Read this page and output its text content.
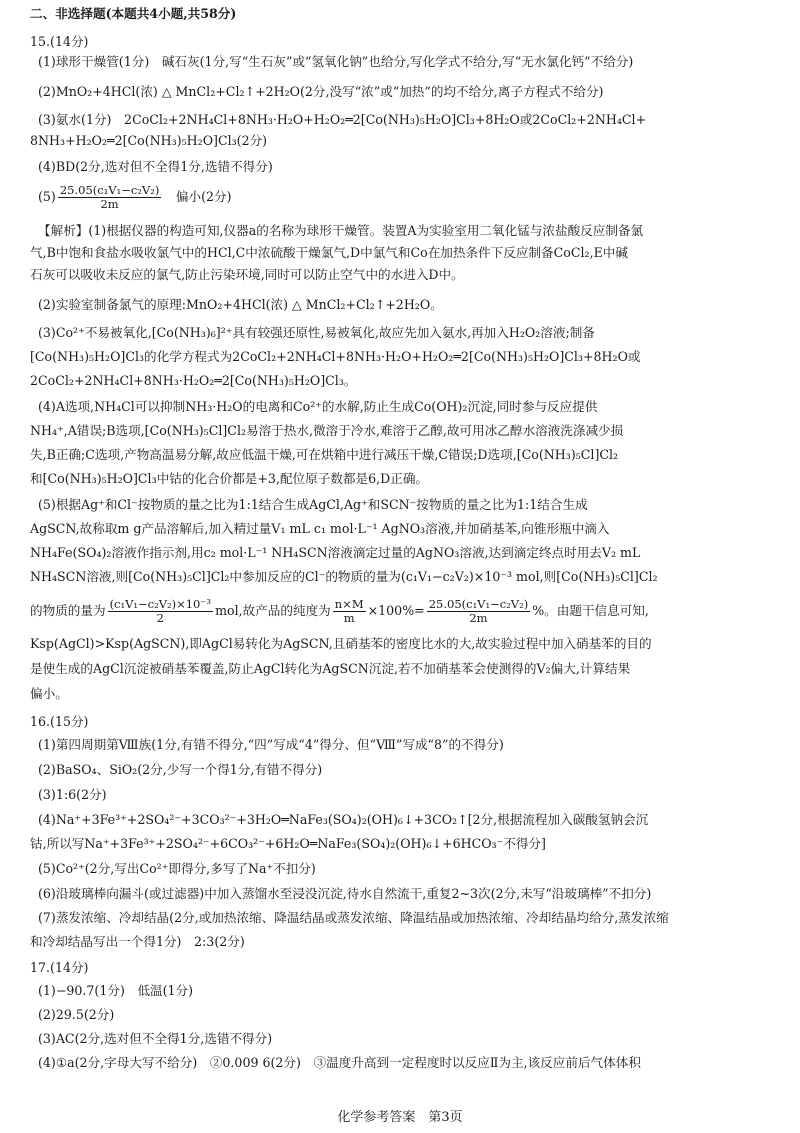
二、非选择题(本题共4小题,共58分)
15.(14分)
(1)球形干燥管(1分)　碱石灰(1分,写“生石灰”或“氢氧化钠”也给分,写化学式不给分,写“无水氯化钙”不给分)
(2)MnO₂+4HCl(浓) △ MnCl₂+Cl₂↑+2H₂O(2分,没写“浓”或“加热”的均不给分,离子方程式不给分)
(3)氨水(1分)　2CoCl₂+2NH₄Cl+8NH₃·H₂O+H₂O₂═2[Co(NH₃)₅H₂O]Cl₃+8H₂O或2CoCl₂+2NH₄Cl+
8NH₃+H₂O₂═2[Co(NH₃)₅H₂O]Cl₃(2分)
(4)BD(2分,选对但不全得1分,选错不得分)
$(5) \frac{\text{25.05(c₁V₁−c₂V₂)}}{2m}$ 　偏小(2分)
【解析】(1)根据仪器的构造可知,仪器a的名称为球形干燥管。装置A为实验室用二氧化锰与浓盐酸反应制备氯
气,B中饱和食盐水吸收氯气中的HCl,C中浓硫酸干燥氯气,D中氯气和Co在加热条件下反应制备CoCl₂,E中碱
石灰可以吸收未反应的氯气,防止污染环境,同时可以防止空气中的水进入D中。
(2)实验室制备氯气的原理:MnO₂+4HCl(浓) △ MnCl₂+Cl₂↑+2H₂O。
(3)Co²⁺不易被氧化,[Co(NH₃)₆]²⁺具有较强还原性,易被氧化,故应先加入氨水,再加入H₂O₂溶液;制备
[Co(NH₃)₅H₂O]Cl₃的化学方程式为2CoCl₂+2NH₄Cl+8NH₃·H₂O+H₂O₂═2[Co(NH₃)₅H₂O]Cl₃+8H₂O或
2CoCl₂+2NH₄Cl+8NH₃·H₂O₂═2[Co(NH₃)₅H₂O]Cl₃。
(4)A选项,NH₄Cl可以抑制NH₃·H₂O的电离和Co²⁺的水解,防止生成Co(OH)₂沉淀,同时参与反应提供
NH₄⁺,A错误;B选项,[Co(NH₃)₅Cl]Cl₂易溶于热水,微溶于冷水,难溶于乙醇,故可用冰乙醇水溶液洗涤减少损
失,B正确;C选项,产物高温易分解,故应低温干燥,可在烘箱中进行减压干燥,C错误;D选项,[Co(NH₃)₅Cl]Cl₂
和[Co(NH₃)₅H₂O]Cl₃中钴的化合价都是+3,配位原子数都是6,D正确。
(5)根据Ag⁺和Cl⁻按物质的量之比为1:1结合生成AgCl,Ag⁺和SCN⁻按物质的量之比为1:1结合生成
AgSCN,故称取m g产品溶解后,加入精过量V₁ mL c₁ mol·L⁻¹ AgNO₃溶液,并加硝基苯,向锥形瓶中滴入
NH₄Fe(SO₄)₂溶液作指示剂,用c₂ mol·L⁻¹ NH₄SCN溶液滴定过量的AgNO₃溶液,达到滴定终点时用去V₂ mL
NH₄SCN溶液,则[Co(NH₃)₅Cl]Cl₂中参加反应的Cl⁻的物质的量为(c₁V₁−c₂V₂)×10⁻³ mol,则[Co(NH₃)₅Cl]Cl₂
的物质的量为 $\frac{\text{(c₁V₁−c₂V₂)×10⁻³}}{2}$ mol,故产品的纯度为 $\frac{n\times M}{m} \times 100\%= \frac{\text{25.05(c₁V₁−c₂V₂)}}{2m}$ %。由题干信息可知,
Ksp(AgCl)>Ksp(AgSCN),即AgCl易转化为AgSCN,且硝基苯的密度比水的大,故实验过程中加入硝基苯的目的
是使生成的AgCl沉淀被硝基苯覆盖,防止AgCl转化为AgSCN沉淀,若不加硝基苯会使测得的V₂偏大,计算结果
偏小。
16.(15分)
(1)第四周期第Ⅷ族(1分,有错不得分,“四”写成“4”得分、但“Ⅷ”写成“8”的不得分)
(2)BaSO₄、SiO₂(2分,少写一个得1分,有错不得分)
(3)1:6(2分)
(4)Na⁺+3Fe³⁺+2SO₄²⁻+3CO₃²⁻+3H₂O═NaFe₃(SO₄)₂(OH)₆↓+3CO₂↑[2分,根据流程加入碳酸氢钠会沉
钴,所以写Na⁺+3Fe³⁺+2SO₄²⁻+6CO₃²⁻+6H₂O═NaFe₃(SO₄)₂(OH)₆↓+6HCO₃⁻不得分]
(5)Co²⁺(2分,写出Co²⁺即得分,多写了Na⁺不扣分)
(6)沿玻璃棒向漏斗(或过滤器)中加入蒸馏水至浸没沉淀,待水自然流干,重复2~3次(2分,未写“沿玻璃棒”不扣分)
(7)蒸发浓缩、冷却结晶(2分,或加热浓缩、降温结晶或蒸发浓缩、降温结晶或加热浓缩、冷却结晶均给分,蒸发浓缩
和冷却结晶写出一个得1分)　2:3(2分)
17.(14分)
(1)−90.7(1分)　低温(1分)
(2)29.5(2分)
(3)AC(2分,选对但不全得1分,选错不得分)
(4)①a(2分,字母大写不给分)　②0.009 6(2分)　③温度升高到一定程度时以反应Ⅱ为主,该反应前后气体体积
化学参考答案　第3页
